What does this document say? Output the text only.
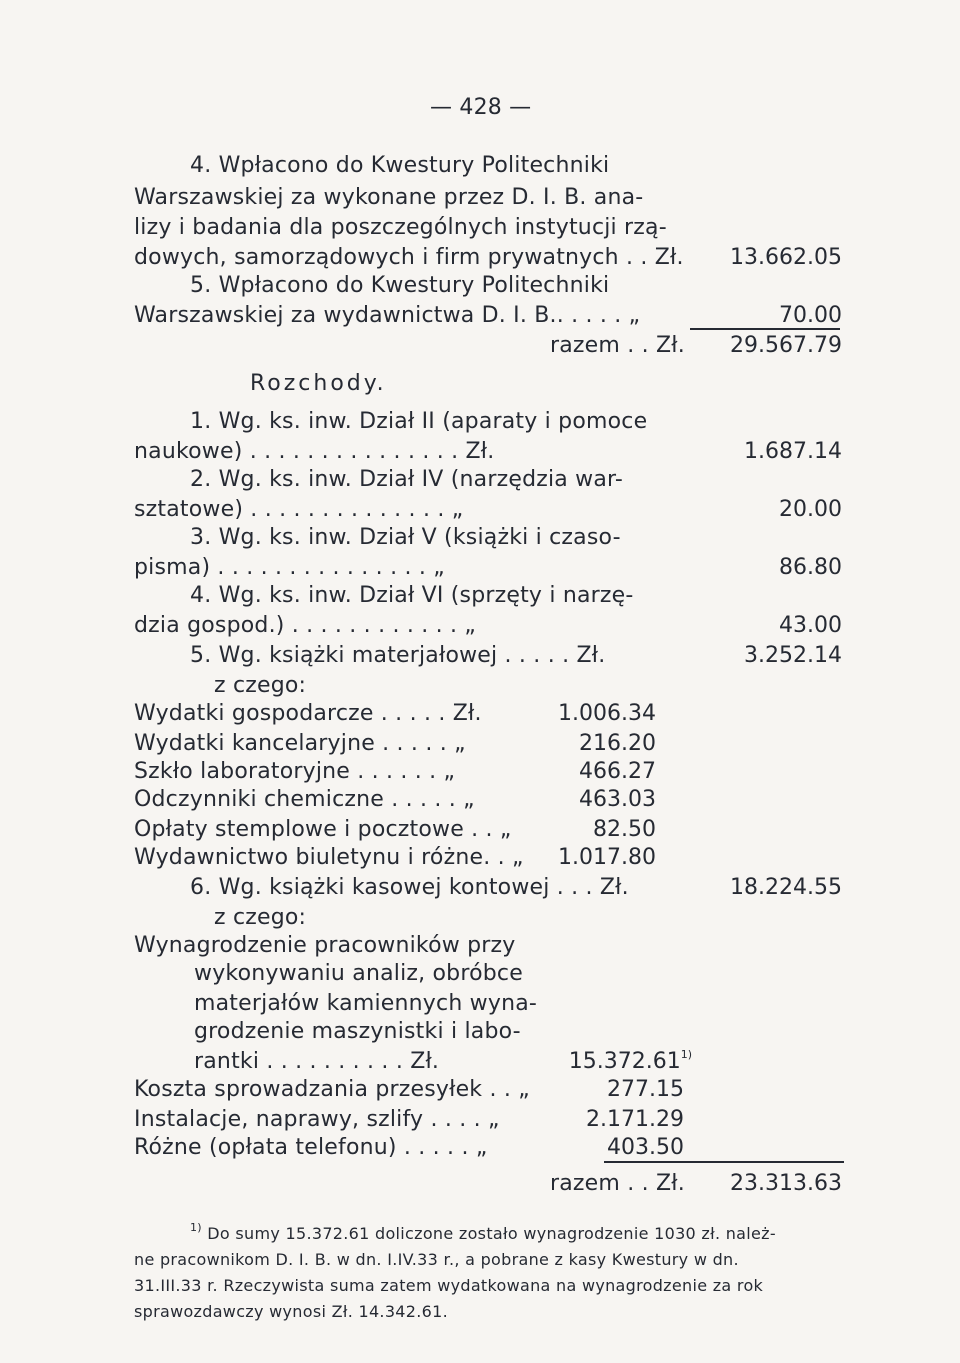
— 428 —
4. Wpłacono do Kwestury Politechniki
Warszawskiej za wykonane przez D. I. B. ana-
lizy i badania dla poszczególnych instytucji rzą-
dowych, samorządowych i firm prywatnych . . Zł. 13.662.05
5. Wpłacono do Kwestury Politechniki
Warszawskiej za wydawnictwa D. I. B.. . . . . „	70.00
razem . . Zł. 29.567.79
Rozchody.
1. Wg. ks. inw. Dział II (aparaty i pomoce
naukowe) . . . . . . . . . . . . . . . Zł.	1.687.14
2. Wg. ks. inw. Dział IV (narzędzia war-
sztatowe) . . . . . . . . . . . . . . „	20.00
3. Wg. ks. inw. Dział V (książki i czaso-
pisma) . . . . . . . . . . . . . . . „	86.80
4. Wg. ks. inw. Dział VI (sprzęty i narzę-
dzia gospod.) . . . . . . . . . . . . „	43.00
5. Wg. książki materjałowej . . . . . Zł.	3.252.14
z czego:
Wydatki gospodarcze . . . . . Zł.	1.006.34
Wydatki kancelaryjne . . . . . „	216.20
Szkło laboratoryjne . . . . . . „	466.27
Odczynniki chemiczne . . . . . „	463.03
Opłaty stemplowe i pocztowe . . „	82.50
Wydawnictwo biuletynu i różne. . „ 1.017.80
6. Wg. książki kasowej kontowej . . . Zł.	18.224.55
z czego:
Wynagrodzenie pracowników przy
wykonywaniu analiz, obróbce
materjałów kamiennych wyna-
grodzenie maszynistki i labo-
rantki . . . . . . . . . . Zł.	15.372.61$^{1)}$
Koszta sprowadzania przesyłek . . „	277.15
Instalacje, naprawy, szlify . . . . „	2.171.29
Różne (opłata telefonu) . . . . . „	403.50
razem . . Zł. 23.313.63
$^{1)}$ Do sumy 15.372.61 doliczone zostało wynagrodzenie 1030 zł. należ-
ne pracownikom D. I. B. w dn. I.IV.33 r., a pobrane z kasy Kwestury w dn.
31.III.33 r. Rzeczywista suma zatem wydatkowana na wynagrodzenie za rok
sprawozdawczy wynosi Zł. 14.342.61.
